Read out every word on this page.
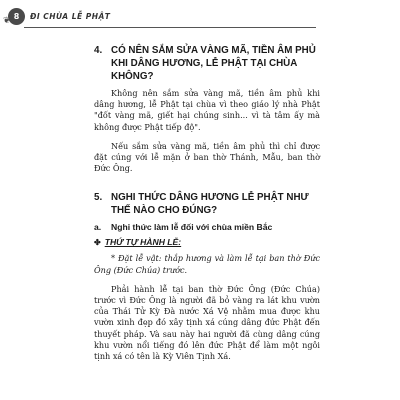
8
❦	ĐI CHÙA LỄ PHẬT
4. CÓ NÊN SẮM SỬA VÀNG MÃ, TIỀN ÂM PHỦ KHI DÂNG HƯƠNG, LỄ PHẬT TẠI CHÙA KHÔNG?

Không nên sắm sửa vàng mã, tiền âm phủ khi dâng hương, lễ Phật tại chùa vì theo giáo lý nhà Phật "đốt vàng mã, giết hại chúng sinh... vì tà tâm ấy mà không được Phật tiếp độ".

Nếu sắm sửa vàng mã, tiền âm phủ thì chỉ được đặt cúng với lễ mặn ở ban thờ Thánh, Mẫu, ban thờ Đức Ông.

5. NGHI THỨC DÂNG HƯƠNG LỄ PHẬT NHƯ THẾ NÀO CHO ĐÚNG?
a.	Nghi thức làm lễ đối với chùa miền Bắc
✤ THỨ TỰ HÀNH LỄ:

* Đặt lễ vật: thắp hương và làm lễ tại ban thờ Đức Ông (Đức Chúa) trước.

Phải hành lễ tại ban thờ Đức Ông (Đức Chúa) trước vì Đức Ông là người đã bỏ vàng ra lát khu vườn của Thái Tử Kỳ Đà nước Xá Vệ nhằm mua được khu vườn xinh đẹp đó xây tịnh xá cúng dâng đức Phật đến thuyết pháp. Và sau này hai người đã cùng dâng cúng khu vườn nổi tiếng đó lên đức Phật để làm một ngôi tịnh xá có tên là Kỳ Viên Tịnh Xá.
